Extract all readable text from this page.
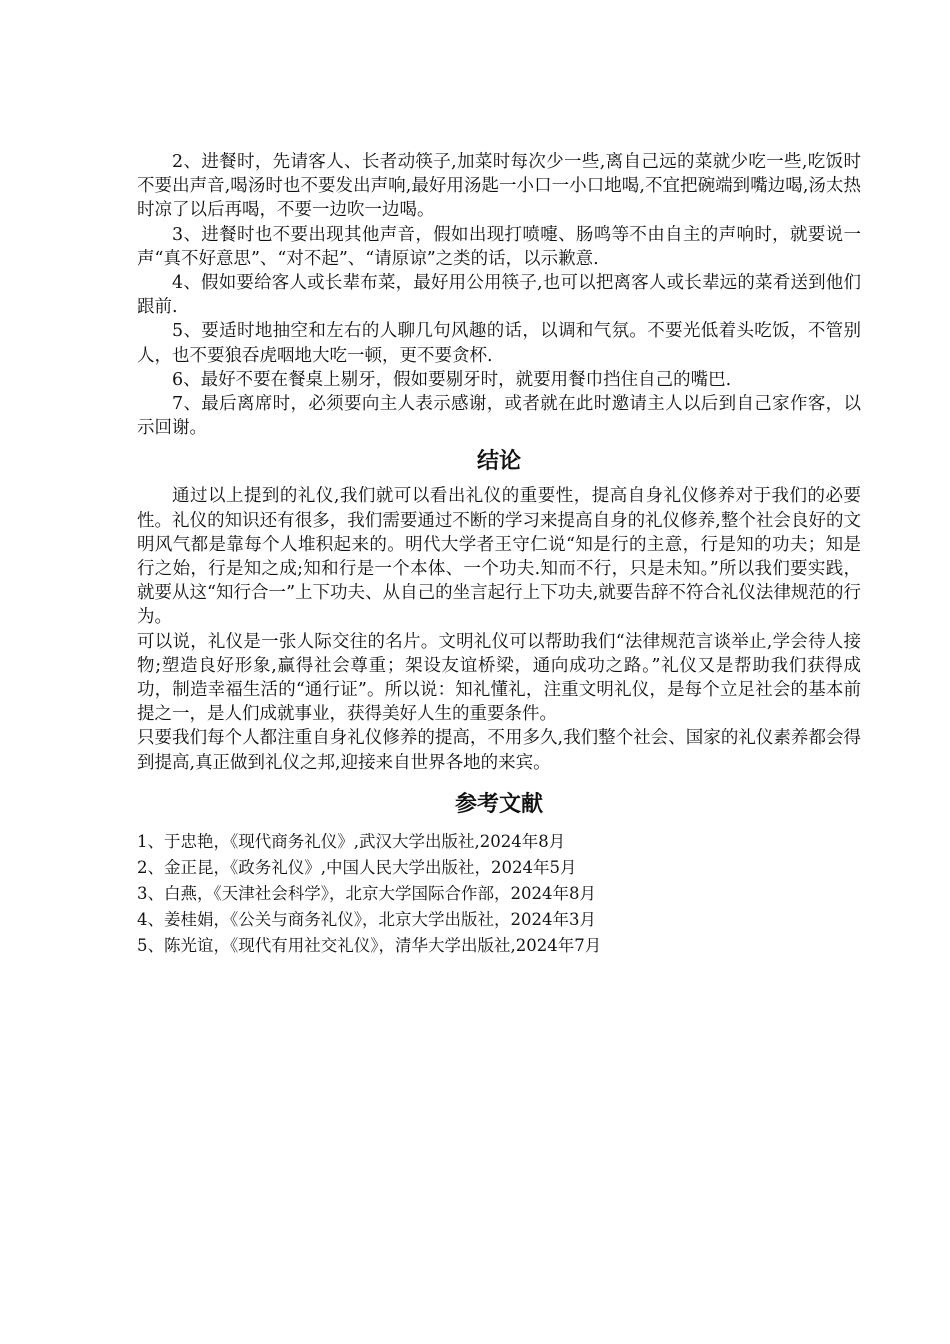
2、进餐时，先请客人、长者动筷子,加菜时每次少一些,离自己远的菜就少吃一些,吃饭时不要出声音,喝汤时也不要发出声响,最好用汤匙一小口一小口地喝,不宜把碗端到嘴边喝,汤太热时凉了以后再喝，不要一边吹一边喝。

3、进餐时也不要出现其他声音，假如出现打喷嚏、肠鸣等不由自主的声响时，就要说一声“真不好意思”、“对不起”、“请原谅”之类的话，以示歉意.

4、假如要给客人或长辈布菜，最好用公用筷子,也可以把离客人或长辈远的菜肴送到他们跟前.

5、要适时地抽空和左右的人聊几句风趣的话，以调和气氛。不要光低着头吃饭，不管别人，也不要狼吞虎咽地大吃一顿，更不要贪杯.

6、最好不要在餐桌上剔牙，假如要剔牙时，就要用餐巾挡住自己的嘴巴.

7、最后离席时，必须要向主人表示感谢，或者就在此时邀请主人以后到自己家作客，以示回谢。

结论

通过以上提到的礼仪,我们就可以看出礼仪的重要性，提高自身礼仪修养对于我们的必要性。礼仪的知识还有很多，我们需要通过不断的学习来提高自身的礼仪修养,整个社会良好的文明风气都是靠每个人堆积起来的。明代大学者王守仁说“知是行的主意，行是知的功夫；知是行之始，行是知之成;知和行是一个本体、一个功夫.知而不行，只是未知。”所以我们要实践，就要从这“知行合一”上下功夫、从自己的坐言起行上下功夫,就要告辞不符合礼仪法律规范的行为。

可以说，礼仪是一张人际交往的名片。文明礼仪可以帮助我们“法律规范言谈举止,学会待人接物;塑造良好形象,赢得社会尊重；架设友谊桥梁，通向成功之路。”礼仪又是帮助我们获得成功，制造幸福生活的“通行证”。所以说：知礼懂礼，注重文明礼仪，是每个立足社会的基本前提之一，是人们成就事业，获得美好人生的重要条件。

只要我们每个人都注重自身礼仪修养的提高，不用多久,我们整个社会、国家的礼仪素养都会得到提高,真正做到礼仪之邦,迎接来自世界各地的来宾。

参考文献

1、于忠艳，《现代商务礼仪》,武汉大学出版社,2024年8月

2、金正昆，《政务礼仪》,中国人民大学出版社，2024年5月

3、白燕，《天津社会科学》，北京大学国际合作部，2024年8月

4、姜桂娟，《公关与商务礼仪》，北京大学出版社，2024年3月

5、陈光谊，《现代有用社交礼仪》，清华大学出版社,2024年7月
